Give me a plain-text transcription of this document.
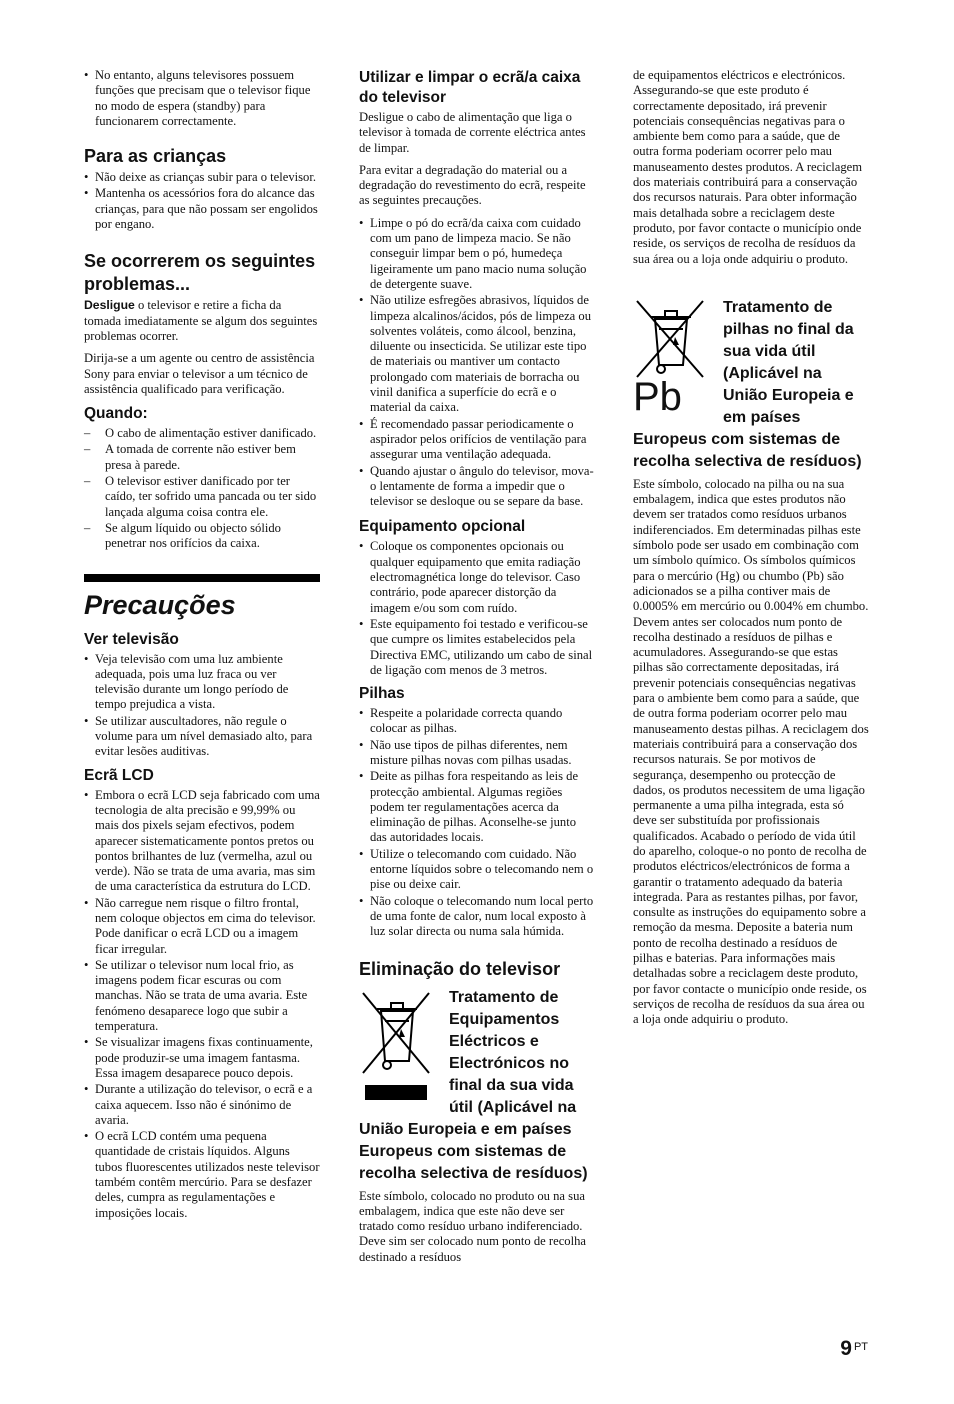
• No entanto, alguns televisores possuem funções que precisam que o televisor fique no modo de espera (standby) para funcionarem correctamente.
Para as crianças
• Não deixe as crianças subir para o televisor.
• Mantenha os acessórios fora do alcance das crianças, para que não possam ser engolidos por engano.
Se ocorrerem os seguintes problemas...

Desligue o televisor e retire a ficha da tomada imediatamente se algum dos seguintes problemas ocorrer.

Dirija-se a um agente ou centro de assistência Sony para enviar o televisor a um técnico de assistência qualificado para verificação.

Quando:
– O cabo de alimentação estiver danificado.
– A tomada de corrente não estiver bem presa à parede.
– O televisor estiver danificado por ter caído, ter sofrido uma pancada ou ter sido lançada alguma coisa contra ele.
– Se algum líquido ou objecto sólido penetrar nos orifícios da caixa.
Precauções
Ver televisão
• Veja televisão com uma luz ambiente adequada, pois uma luz fraca ou ver televisão durante um longo período de tempo prejudica a vista.
• Se utilizar auscultadores, não regule o volume para um nível demasiado alto, para evitar lesões auditivas.
Ecrã LCD
• Embora o ecrã LCD seja fabricado com uma tecnologia de alta precisão e 99,99% ou mais dos pixels sejam efectivos, podem aparecer sistematicamente pontos pretos ou pontos brilhantes de luz (vermelha, azul ou verde). Não se trata de uma avaria, mas sim de uma característica da estrutura do LCD.
• Não carregue nem risque o filtro frontal, nem coloque objectos em cima do televisor. Pode danificar o ecrã LCD ou a imagem ficar irregular.
• Se utilizar o televisor num local frio, as imagens podem ficar escuras ou com manchas. Não se trata de uma avaria. Este fenómeno desaparece logo que subir a temperatura.
• Se visualizar imagens fixas continuamente, pode produzir-se uma imagem fantasma. Essa imagem desaparece pouco depois.
• Durante a utilização do televisor, o ecrã e a caixa aquecem. Isso não é sinónimo de avaria.
• O ecrã LCD contém uma pequena quantidade de cristais líquidos. Alguns tubos fluorescentes utilizados neste televisor também contêm mercúrio. Para se desfazer deles, cumpra as regulamentações e imposições locais.
Utilizar e limpar o ecrã/a caixa do televisor

Desligue o cabo de alimentação que liga o televisor à tomada de corrente eléctrica antes de limpar.

Para evitar a degradação do material ou a degradação do revestimento do ecrã, respeite as seguintes precauções.

• Limpe o pó do ecrã/da caixa com cuidado com um pano de limpeza macio. Se não conseguir limpar bem o pó, humedeça ligeiramente um pano macio numa solução de detergente suave.
• Não utilize esfregões abrasivos, líquidos de limpeza alcalinos/ácidos, pós de limpeza ou solventes voláteis, como álcool, benzina, diluente ou insecticida. Se utilizar este tipo de materiais ou mantiver um contacto prolongado com materiais de borracha ou vinil danifica a superfície do ecrã e o material da caixa.
• É recomendado passar periodicamente o aspirador pelos orifícios de ventilação para assegurar uma ventilação adequada.
• Quando ajustar o ângulo do televisor, mova-o lentamente de forma a impedir que o televisor se desloque ou se separe da base.
Equipamento opcional
• Coloque os componentes opcionais ou qualquer equipamento que emita radiação electromagnética longe do televisor. Caso contrário, pode aparecer distorção da imagem e/ou som com ruído.
• Este equipamento foi testado e verificou-se que cumpre os limites estabelecidos pela Directiva EMC, utilizando um cabo de sinal de ligação com menos de 3 metros.
Pilhas
• Respeite a polaridade correcta quando colocar as pilhas.
• Não use tipos de pilhas diferentes, nem misture pilhas novas com pilhas usadas.
• Deite as pilhas fora respeitando as leis de protecção ambiental. Algumas regiões podem ter regulamentações acerca da eliminação de pilhas. Aconselhe-se junto das autoridades locais.
• Utilize o telecomando com cuidado. Não entorne líquidos sobre o telecomando nem o pise ou deixe cair.
• Não coloque o telecomando num local perto de uma fonte de calor, num local exposto à luz solar directa ou numa sala húmida.
Eliminação do televisor
Tratamento de Equipamentos Eléctricos e Electrónicos no final da sua vida útil (Aplicável na União Europeia e em países Europeus com sistemas de recolha selectiva de resíduos)

Este símbolo, colocado no produto ou na sua embalagem, indica que este não deve ser tratado como resíduo urbano indiferenciado. Deve sim ser colocado num ponto de recolha destinado a resíduos

de equipamentos eléctricos e electrónicos. Assegurando-se que este produto é correctamente depositado, irá prevenir potenciais consequências negativas para o ambiente bem como para a saúde, que de outra forma poderiam ocorrer pelo mau manuseamento destes produtos. A reciclagem dos materiais contribuirá para a conservação dos recursos naturais. Para obter informação mais detalhada sobre a reciclagem deste produto, por favor contacte o município onde reside, os serviços de recolha de resíduos da sua área ou a loja onde adquiriu o produto.

Pb
Tratamento de pilhas no final da sua vida útil (Aplicável na União Europeia e em países Europeus com sistemas de recolha selectiva de resíduos)

Este símbolo, colocado na pilha ou na sua embalagem, indica que estes produtos não devem ser tratados como resíduos urbanos indiferenciados. Em determinadas pilhas este símbolo pode ser usado em combinação com um símbolo químico. Os símbolos químicos para o mercúrio (Hg) ou chumbo (Pb) são adicionados se a pilha contiver mais de 0.0005% em mercúrio ou 0.004% em chumbo. Devem antes ser colocados num ponto de recolha destinado a resíduos de pilhas e acumuladores. Assegurando-se que estas pilhas são correctamente depositadas, irá prevenir potenciais consequências negativas para o ambiente bem como para a saúde, que de outra forma poderiam ocorrer pelo mau manuseamento destas pilhas. A reciclagem dos materiais contribuirá para a conservação dos recursos naturais. Se por motivos de segurança, desempenho ou protecção de dados, os produtos necessitem de uma ligação permanente a uma pilha integrada, esta só deve ser substituída por profissionais qualificados. Acabado o período de vida útil do aparelho, coloque-o no ponto de recolha de produtos eléctricos/electrónicos de forma a garantir o tratamento adequado da bateria integrada. Para as restantes pilhas, por favor, consulte as instruções do equipamento sobre a remoção da mesma. Deposite a bateria num ponto de recolha destinado a resíduos de pilhas e baterias. Para informações mais detalhadas sobre a reciclagem deste produto, por favor contacte o município onde reside, os serviços de recolha de resíduos da sua área ou a loja onde adquiriu o produto.

9 $^{PT}$
